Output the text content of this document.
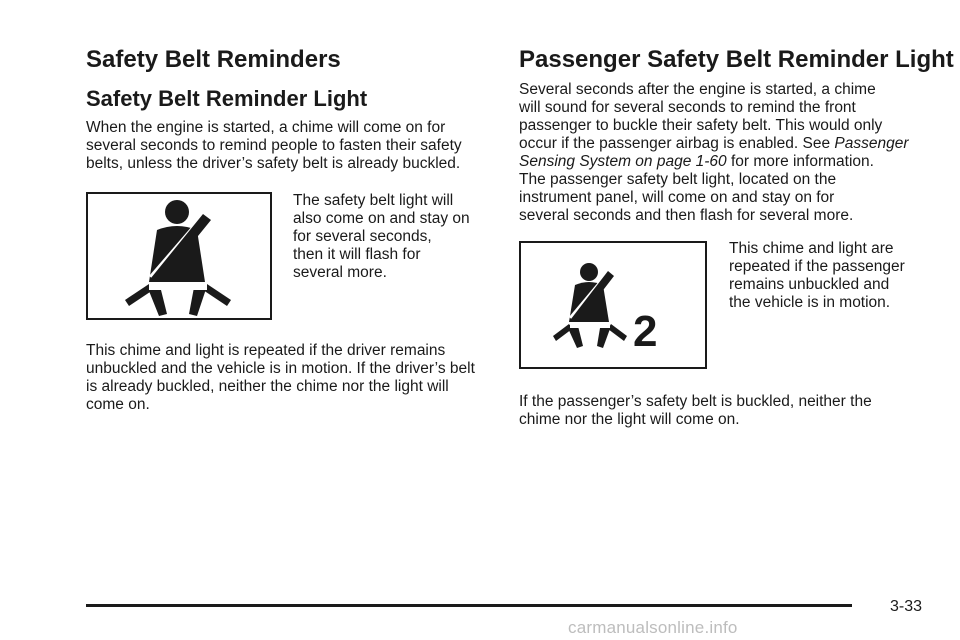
Safety Belt Reminders
Safety Belt Reminder Light
When the engine is started, a chime will come on for
several seconds to remind people to fasten their safety
belts, unless the driver’s safety belt is already buckled.
The safety belt light will
also come on and stay on
for several seconds,
then it will flash for
several more.
This chime and light is repeated if the driver remains
unbuckled and the vehicle is in motion. If the driver’s belt
is already buckled, neither the chime nor the light will
come on.
Passenger Safety Belt Reminder Light
Several seconds after the engine is started, a chime
will sound for several seconds to remind the front
passenger to buckle their safety belt. This would only
occur if the passenger airbag is enabled. See Passenger
Sensing System on page 1-60 for more information.
The passenger safety belt light, located on the
instrument panel, will come on and stay on for
several seconds and then flash for several more.
2
This chime and light are
repeated if the passenger
remains unbuckled and
the vehicle is in motion.
If the passenger’s safety belt is buckled, neither the
chime nor the light will come on.
3-33
carmanualsonline.info
